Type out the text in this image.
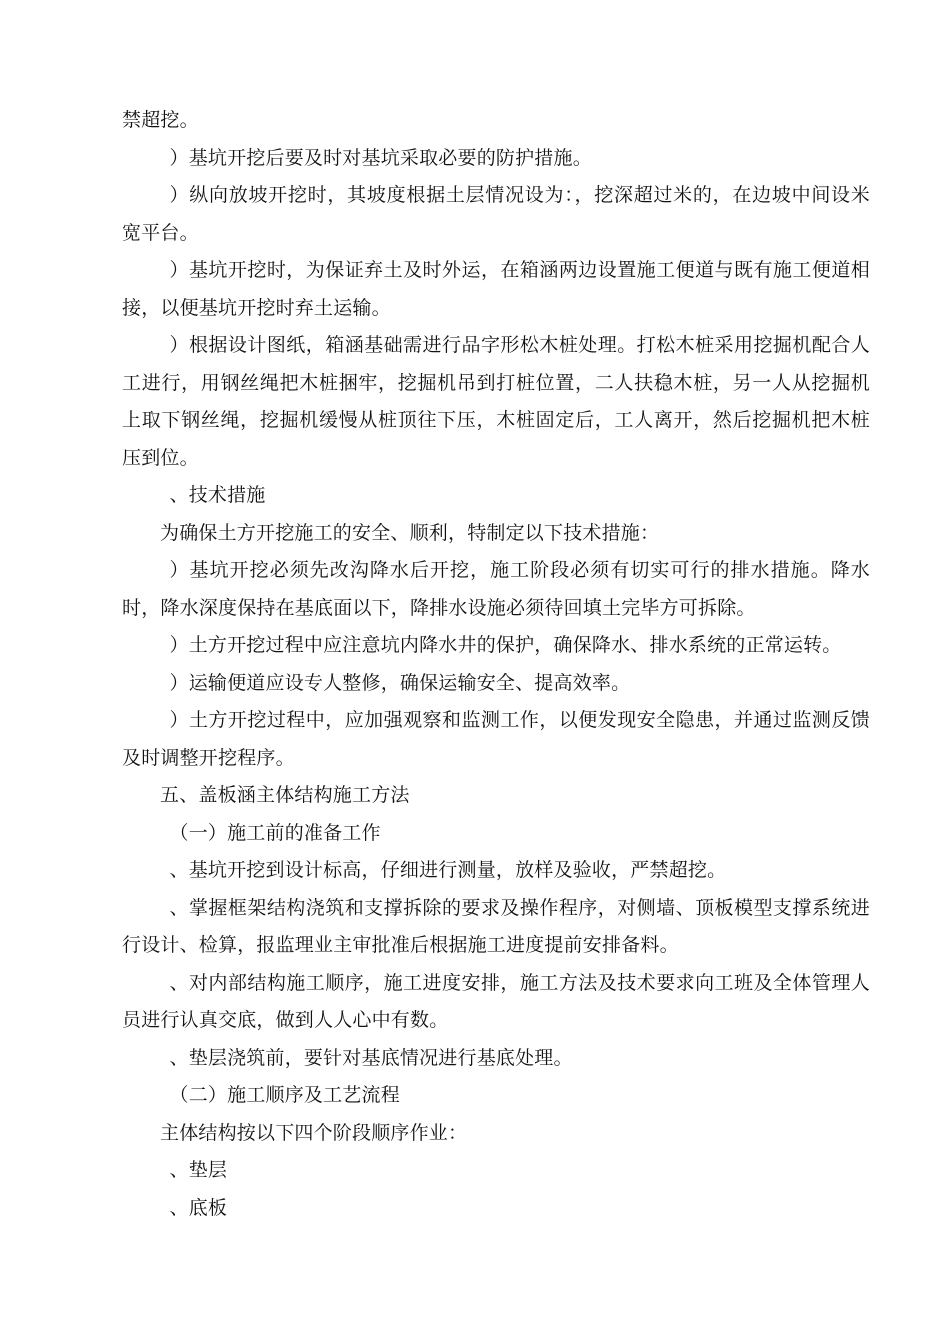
禁超挖。

）基坑开挖后要及时对基坑采取必要的防护措施。

）纵向放坡开挖时，其坡度根据土层情况设为：，挖深超过米的，在边坡中间设米宽平台。

）基坑开挖时，为保证弃土及时外运，在箱涵两边设置施工便道与既有施工便道相接，以便基坑开挖时弃土运输。

）根据设计图纸，箱涵基础需进行品字形松木桩处理。打松木桩采用挖掘机配合人工进行，用钢丝绳把木桩捆牢，挖掘机吊到打桩位置，二人扶稳木桩，另一人从挖掘机上取下钢丝绳，挖掘机缓慢从桩顶往下压，木桩固定后，工人离开，然后挖掘机把木桩压到位。

、技术措施

为确保土方开挖施工的安全、顺利，特制定以下技术措施：

）基坑开挖必须先改沟降水后开挖，施工阶段必须有切实可行的排水措施。降水时，降水深度保持在基底面以下，降排水设施必须待回填土完毕方可拆除。

）土方开挖过程中应注意坑内降水井的保护，确保降水、排水系统的正常运转。

）运输便道应设专人整修，确保运输安全、提高效率。

）土方开挖过程中，应加强观察和监测工作，以便发现安全隐患，并通过监测反馈及时调整开挖程序。

五、盖板涵主体结构施工方法

（一）施工前的准备工作

、基坑开挖到设计标高，仔细进行测量，放样及验收，严禁超挖。

、掌握框架结构浇筑和支撑拆除的要求及操作程序，对侧墙、顶板模型支撑系统进行设计、检算，报监理业主审批准后根据施工进度提前安排备料。

、对内部结构施工顺序，施工进度安排，施工方法及技术要求向工班及全体管理人员进行认真交底，做到人人心中有数。

、垫层浇筑前，要针对基底情况进行基底处理。

（二）施工顺序及工艺流程

主体结构按以下四个阶段顺序作业：

、垫层

、底板
